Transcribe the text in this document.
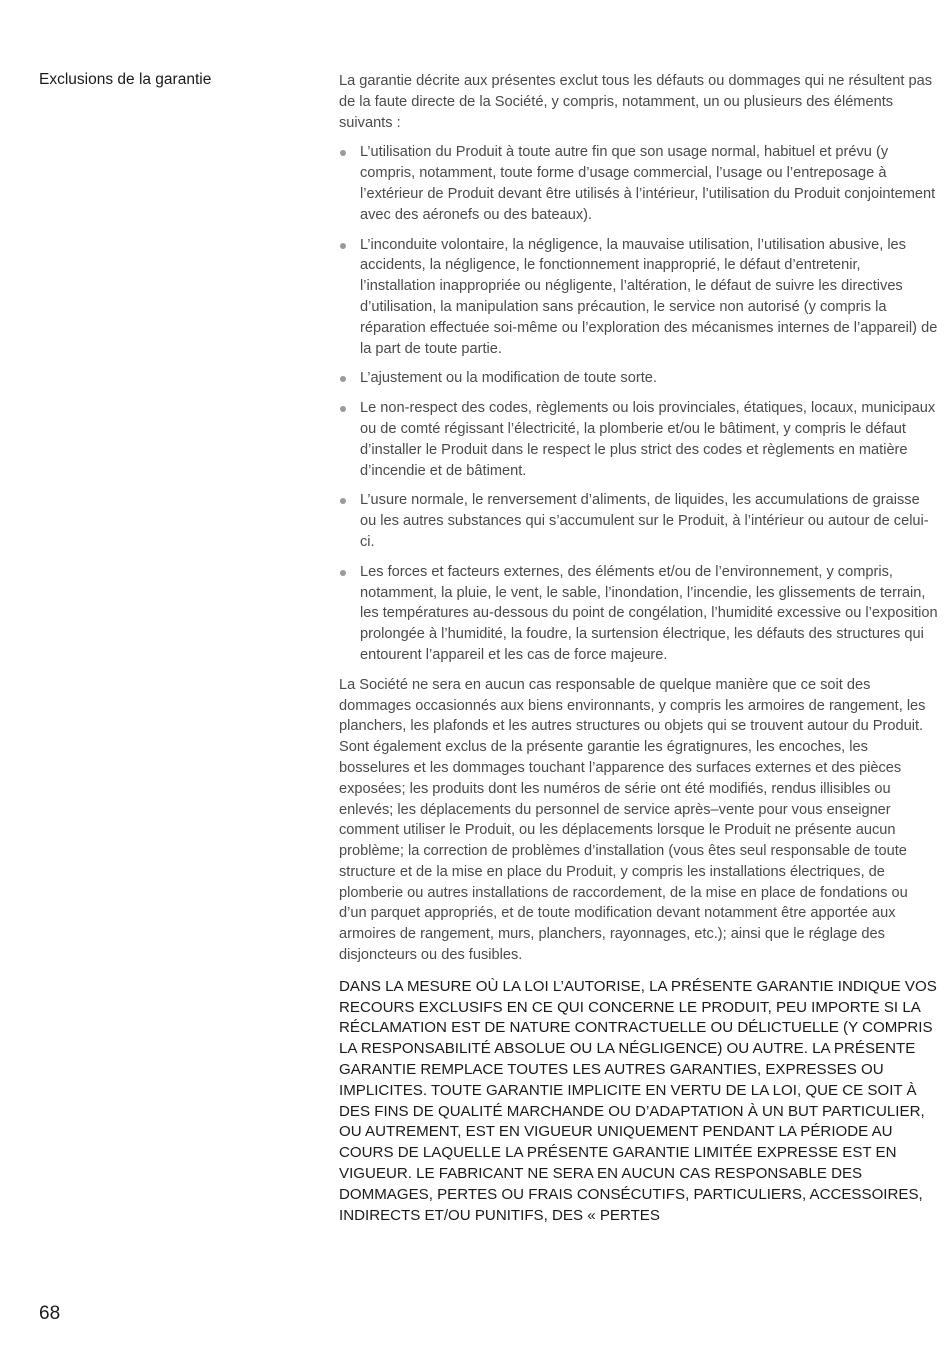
Exclusions de la garantie	La garantie décrite aux présentes exclut tous les défauts ou dommages qui ne résultent pas de la faute directe de la Société, y compris, notamment, un ou plusieurs des éléments suivants :

L’utilisation du Produit à toute autre fin que son usage normal, habituel et prévu (y compris, notamment, toute forme d’usage commercial, l’usage ou l’entreposage à l’extérieur de Produit devant être utilisés à l’intérieur, l’utilisation du Produit conjointement avec des aéronefs ou des bateaux).
L’inconduite volontaire, la négligence, la mauvaise utilisation, l’utilisation abusive, les accidents, la négligence, le fonctionnement inapproprié, le défaut d’entretenir, l’installation inappropriée ou négligente, l’altération, le défaut de suivre les directives d’utilisation, la manipulation sans précaution, le service non autorisé (y compris la réparation effectuée soi-même ou l’exploration des mécanismes internes de l’appareil) de la part de toute partie.
L’ajustement ou la modification de toute sorte.
Le non-respect des codes, règlements ou lois provinciales, étatiques, locaux, municipaux ou de comté régissant l’électricité, la plomberie et/ou le bâtiment, y compris le défaut d’installer le Produit dans le respect le plus strict des codes et règlements en matière d’incendie et de bâtiment.
L’usure normale, le renversement d’aliments, de liquides, les accumulations de graisse ou les autres substances qui s’accumulent sur le Produit, à l’intérieur ou autour de celui-ci.
Les forces et facteurs externes, des éléments et/ou de l’environnement, y compris, notamment, la pluie, le vent, le sable, l’inondation, l’incendie, les glissements de terrain, les températures au-dessous du point de congélation, l’humidité excessive ou l’exposition prolongée à l’humidité, la foudre, la surtension électrique, les défauts des structures qui entourent l’appareil et les cas de force majeure.

La Société ne sera en aucun cas responsable de quelque manière que ce soit des dommages occasionnés aux biens environnants, y compris les armoires de rangement, les planchers, les plafonds et les autres structures ou objets qui se trouvent autour du Produit. Sont également exclus de la présente garantie les égratignures, les encoches, les bosselures et les dommages touchant l’apparence des surfaces externes et des pièces exposées; les produits dont les numéros de série ont été modifiés, rendus illisibles ou enlevés; les déplacements du personnel de service après–vente pour vous enseigner comment utiliser le Produit, ou les déplacements lorsque le Produit ne présente aucun problème; la correction de problèmes d’installation (vous êtes seul responsable de toute structure et de la mise en place du Produit, y compris les installations électriques, de plomberie ou autres installations de raccordement, de la mise en place de fondations ou d’un parquet appropriés, et de toute modification devant notamment être apportée aux armoires de rangement, murs, planchers, rayonnages, etc.); ainsi que le réglage des disjoncteurs ou des fusibles.

DANS LA MESURE OÙ LA LOI L’AUTORISE, LA PRÉSENTE GARANTIE INDIQUE VOS RECOURS EXCLUSIFS EN CE QUI CONCERNE LE PRODUIT, PEU IMPORTE SI LA RÉCLAMATION EST DE NATURE CONTRACTUELLE OU DÉLICTUELLE (Y COMPRIS LA RESPONSABILITÉ ABSOLUE OU LA NÉGLIGENCE) OU AUTRE. LA PRÉSENTE GARANTIE REMPLACE TOUTES LES AUTRES GARANTIES, EXPRESSES OU IMPLICITES. TOUTE GARANTIE IMPLICITE EN VERTU DE LA LOI, QUE CE SOIT À DES FINS DE QUALITÉ MARCHANDE OU D’ADAPTATION À UN BUT PARTICULIER, OU AUTREMENT, EST EN VIGUEUR UNIQUEMENT PENDANT LA PÉRIODE AU COURS DE LAQUELLE LA PRÉSENTE GARANTIE LIMITÉE EXPRESSE EST EN VIGUEUR. LE FABRICANT NE SERA EN AUCUN CAS RESPONSABLE DES DOMMAGES, PERTES OU FRAIS CONSÉCUTIFS, PARTICULIERS, ACCESSOIRES, INDIRECTS ET/OU PUNITIFS, DES « PERTES

68
